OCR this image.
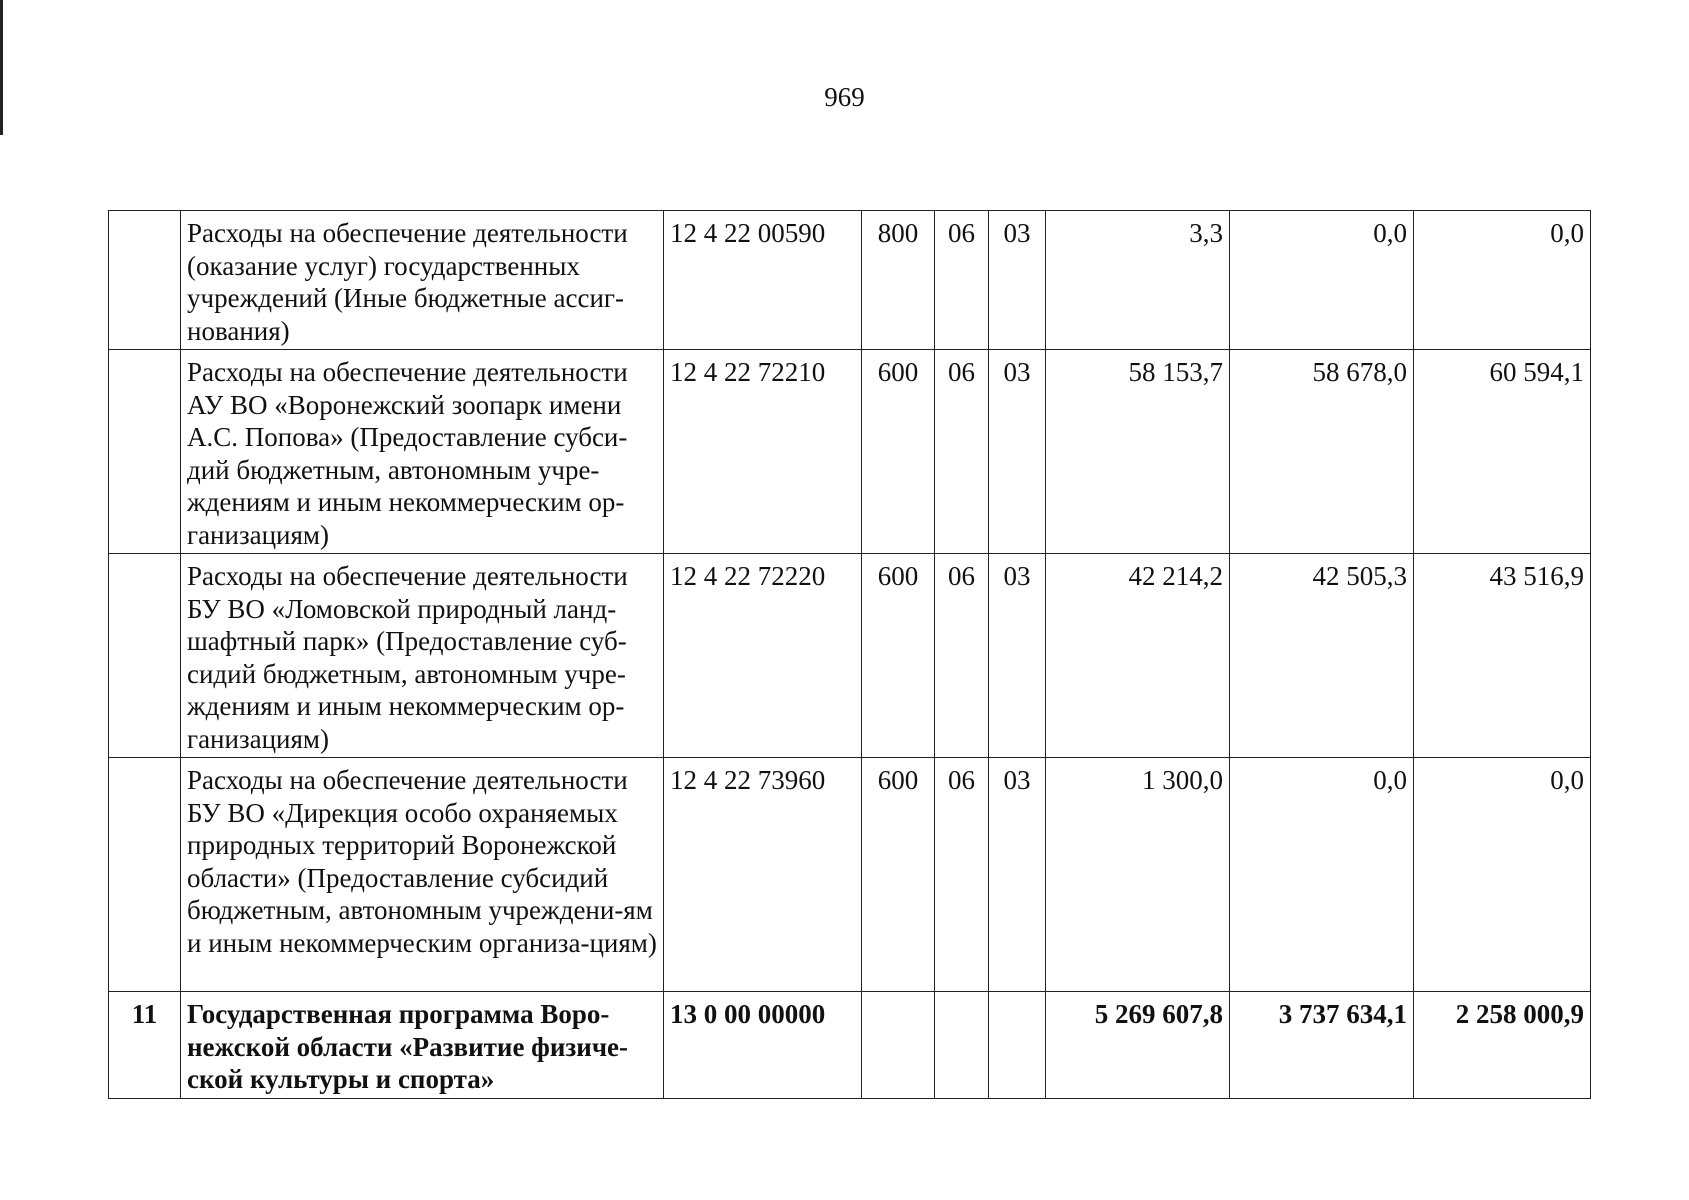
969
	Расходы на обеспечение деятельности (оказание услуг) государственных учреждений (Иные бюджетные ассиг-нования)	12 4 22 00590	800	06	03	3,3	0,0	0,0
	Расходы на обеспечение деятельности АУ ВО «Воронежский зоопарк имени А.С. Попова» (Предоставление субси-дий бюджетным, автономным учре-ждениям и иным некоммерческим ор-ганизациям)	12 4 22 72210	600	06	03	58 153,7	58 678,0	60 594,1
	Расходы на обеспечение деятельности БУ ВО «Ломовской природный ланд-шафтный парк» (Предоставление суб-сидий бюджетным, автономным учре-ждениям и иным некоммерческим ор-ганизациям)	12 4 22 72220	600	06	03	42 214,2	42 505,3	43 516,9
	Расходы на обеспечение деятельности БУ ВО «Дирекция особо охраняемых природных территорий Воронежской области» (Предоставление субсидий бюджетным, автономным учреждени-ям и иным некоммерческим организа-циям)	12 4 22 73960	600	06	03	1 300,0	0,0	0,0
11	Государственная программа Воро-нежской области «Развитие физиче-ской культуры и спорта»	13 0 00 00000				5 269 607,8	3 737 634,1	2 258 000,9
